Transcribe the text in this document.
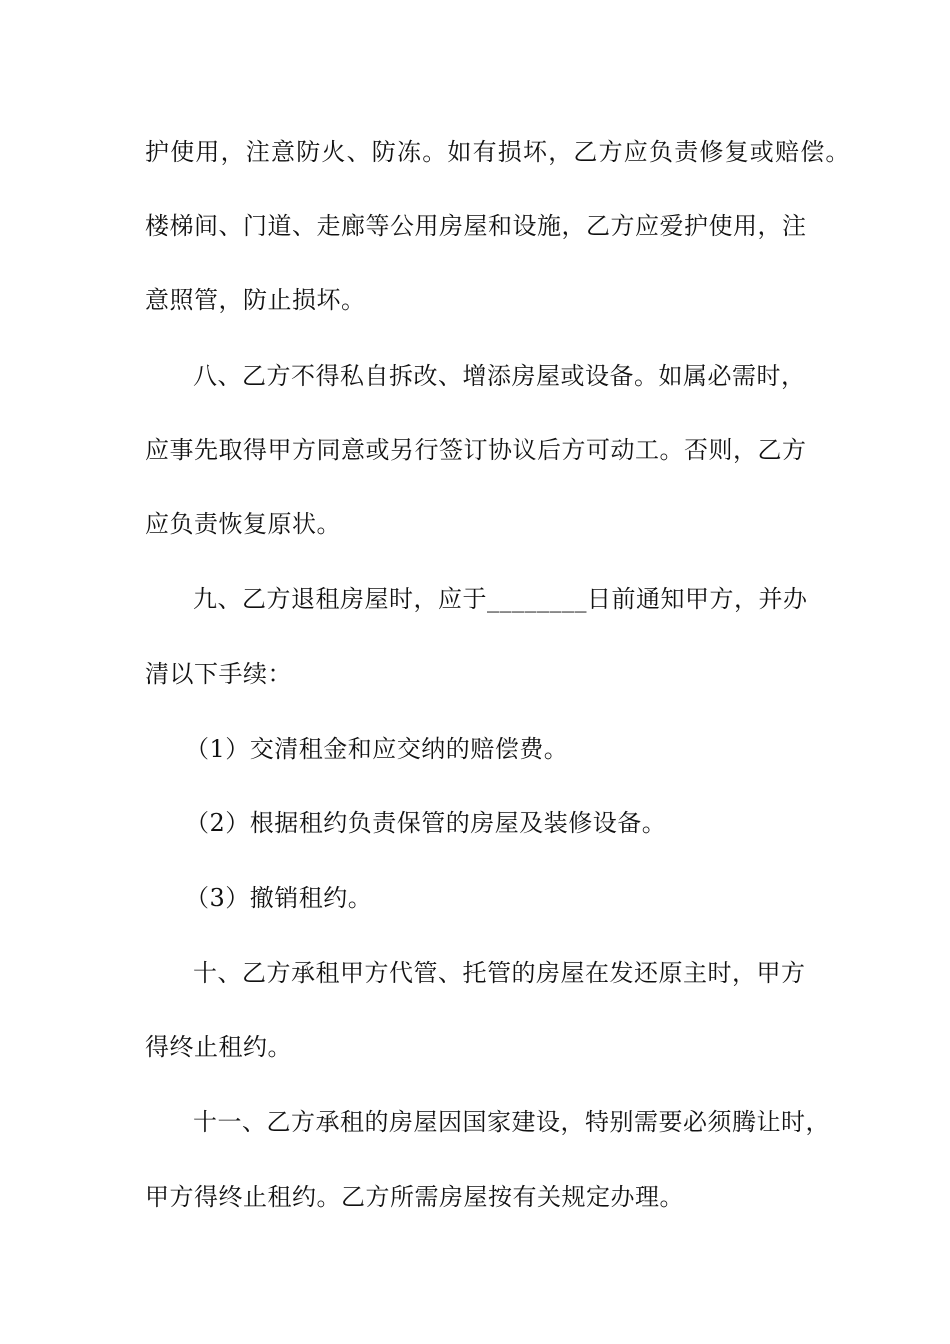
护使用，注意防火、防冻。如有损坏，乙方应负责修复或赔偿。

楼梯间、门道、走廊等公用房屋和设施，乙方应爱护使用，注

意照管，防止损坏。

八、乙方不得私自拆改、增添房屋或设备。如属必需时，

应事先取得甲方同意或另行签订协议后方可动工。否则，乙方

应负责恢复原状。

九、乙方退租房屋时，应于________日前通知甲方，并办

清以下手续：

（1）交清租金和应交纳的赔偿费。

（2）根据租约负责保管的房屋及装修设备。

（3）撤销租约。

十、乙方承租甲方代管、托管的房屋在发还原主时，甲方

得终止租约。

十一、乙方承租的房屋因国家建设，特别需要必须腾让时，

甲方得终止租约。乙方所需房屋按有关规定办理。
